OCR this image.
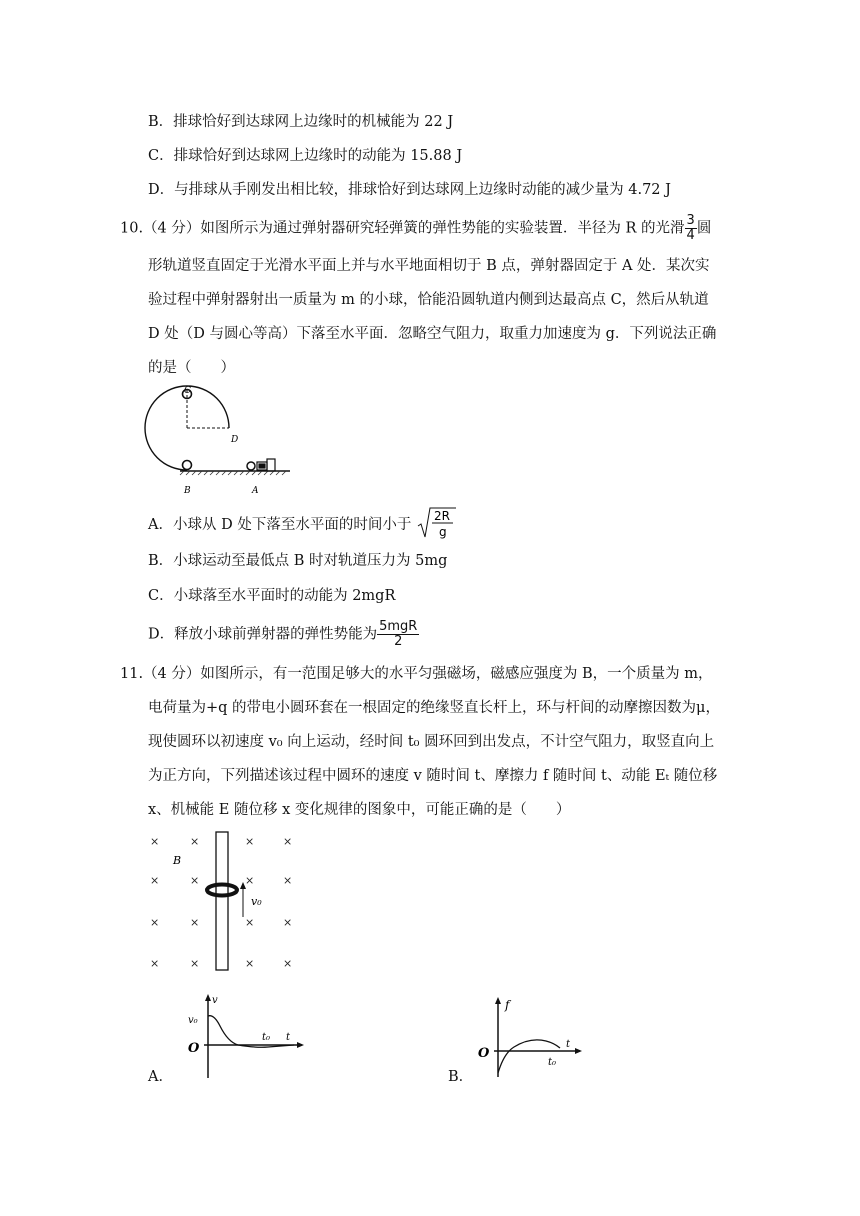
B．排球恰好到达球网上边缘时的机械能为 22 J
C．排球恰好到达球网上边缘时的动能为 15.88 J
D．与排球从手刚发出相比较，排球恰好到达球网上边缘时动能的减少量为 4.72 J
10.（4 分）如图所示为通过弹射器研究轻弹簧的弹性势能的实验装置．半径为 R 的光滑 $\frac{3}{4}$ 圆
形轨道竖直固定于光滑水平面上并与水平地面相切于 B 点，弹射器固定于 A 处．某次实
验过程中弹射器射出一质量为 m 的小球，恰能沿圆轨道内侧到达最高点 C，然后从轨道
D 处（D 与圆心等高）下落至水平面．忽略空气阻力，取重力加速度为 g．下列说法正确
的是（　　）
C
D
B	A
A．小球从 D 处下落至水平面的时间小于
2R
g
B．小球运动至最低点 B 时对轨道压力为 5mg
C．小球落至水平面时的动能为 2mgR
D．释放小球前弹射器的弹性势能为 $\frac{\text{5mgR}}{2}$
11.（4 分）如图所示，有一范围足够大的水平匀强磁场，磁感应强度为 B，一个质量为 m，
电荷量为+q 的带电小圆环套在一根固定的绝缘竖直长杆上，环与杆间的动摩擦因数为μ，
现使圆环以初速度 v₀ 向上运动，经时间 t₀ 圆环回到出发点，不计空气阻力，取竖直向上
为正方向，下列描述该过程中圆环的速度 v 随时间 t、摩擦力 f 随时间 t、动能 Eₜ 随位移
x、机械能 E 随位移 x 变化规律的图象中，可能正确的是（　　）
×	×	×	×
×	×	×	×
×	×	×	×
×	×	×	×
B
v₀
A．
v
v₀
O
t₀ t
B．
f
O
t₀
t
